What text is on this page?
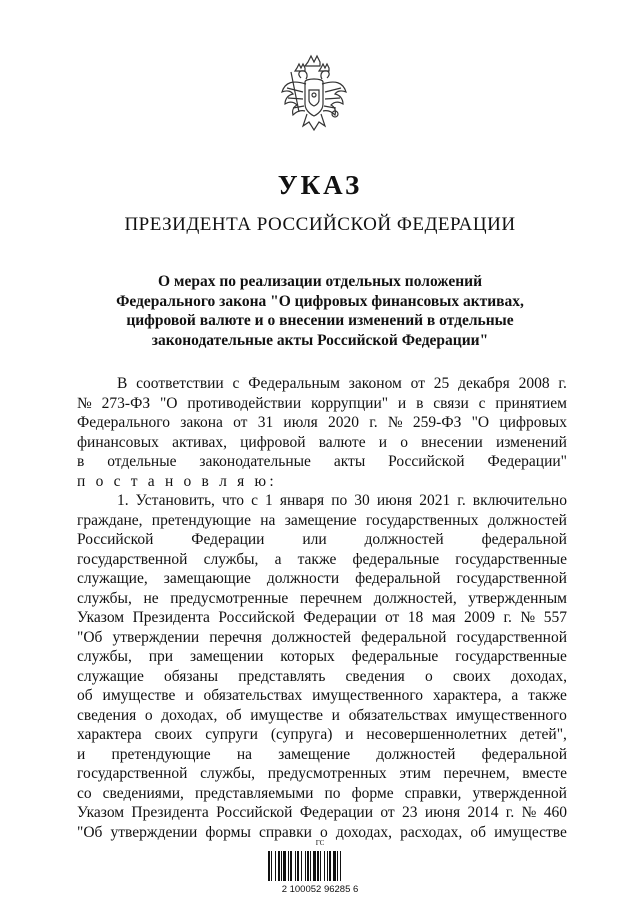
УКАЗ
ПРЕЗИДЕНТА РОССИЙСКОЙ ФЕДЕРАЦИИ
О мерах по реализации отдельных положений
Федерального закона "О цифровых финансовых активах,
цифровой валюте и о внесении изменений в отдельные
законодательные акты Российской Федерации"
В соответствии с Федеральным законом от 25 декабря 2008 г.
№ 273-ФЗ "О противодействии коррупции" и в связи с принятием
Федерального закона от 31 июля 2020 г. № 259-ФЗ "О цифровых
финансовых активах, цифровой валюте и о внесении изменений
в отдельные законодательные акты Российской Федерации"
п о с т а н о в л я ю:
1. Установить, что с 1 января по 30 июня 2021 г. включительно
граждане, претендующие на замещение государственных должностей
Российской Федерации или должностей федеральной
государственной службы, а также федеральные государственные
служащие, замещающие должности федеральной государственной
службы, не предусмотренные перечнем должностей, утвержденным
Указом Президента Российской Федерации от 18 мая 2009 г. № 557
"Об утверждении перечня должностей федеральной государственной
службы, при замещении которых федеральные государственные
служащие обязаны представлять сведения о своих доходах,
об имуществе и обязательствах имущественного характера, а также
сведения о доходах, об имуществе и обязательствах имущественного
характера своих супруги (супруга) и несовершеннолетних детей",
и претендующие на замещение должностей федеральной
государственной службы, предусмотренных этим перечнем, вместе
со сведениями, представляемыми по форме справки, утвержденной
Указом Президента Российской Федерации от 23 июня 2014 г. № 460
"Об утверждении формы справки о доходах, расходах, об имуществе
ГС
2 100052 96285 6
